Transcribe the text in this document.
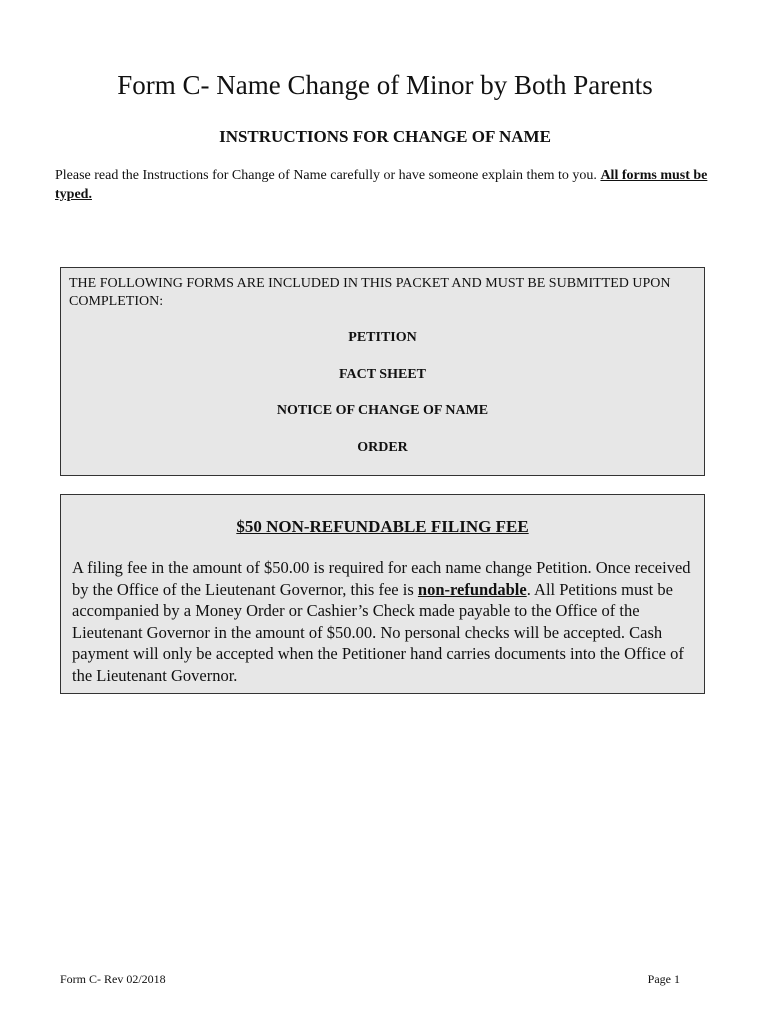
Form C- Name Change of Minor by Both Parents
INSTRUCTIONS FOR CHANGE OF NAME
Please read the Instructions for Change of Name carefully or have someone explain them to you. All forms must be typed.
THE FOLLOWING FORMS ARE INCLUDED IN THIS PACKET AND MUST BE SUBMITTED UPON COMPLETION:
PETITION
FACT SHEET
NOTICE OF CHANGE OF NAME
ORDER
$50 NON-REFUNDABLE FILING FEE
A filing fee in the amount of $50.00 is required for each name change Petition. Once received by the Office of the Lieutenant Governor, this fee is non-refundable. All Petitions must be accompanied by a Money Order or Cashier’s Check made payable to the Office of the Lieutenant Governor in the amount of $50.00. No personal checks will be accepted. Cash payment will only be accepted when the Petitioner hand carries documents into the Office of the Lieutenant Governor.
Form C- Rev 02/2018	Page 1
